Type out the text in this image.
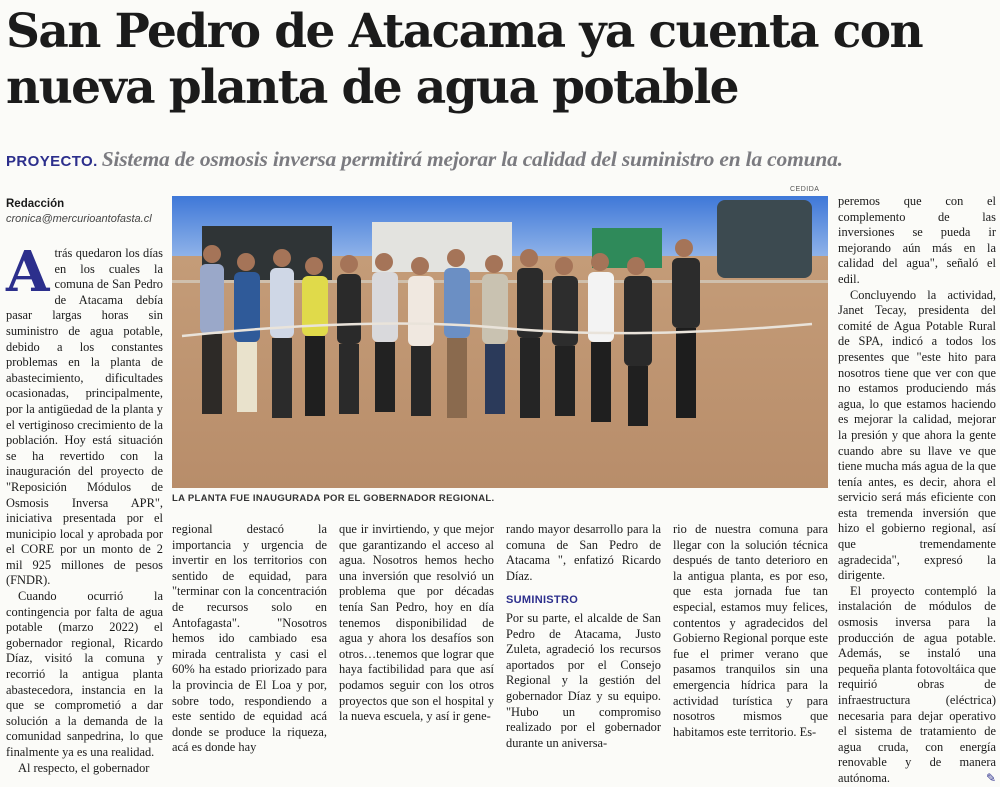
San Pedro de Atacama ya cuenta con nueva planta de agua potable
PROYECTO. Sistema de osmosis inversa permitirá mejorar la calidad del suministro en la comuna.
Redacción
cronica@mercurioantofasta.cl
CEDIDA
LA PLANTA FUE INAUGURADA POR EL GOBERNADOR REGIONAL.

Atrás quedaron los días en los cuales la comuna de San Pedro de Atacama debía pasar largas horas sin suministro de agua potable, debido a los constantes problemas en la planta de abastecimiento, dificultades ocasionadas, principalmente, por la antigüedad de la planta y el vertiginoso crecimiento de la población. Hoy está situación se ha revertido con la inauguración del proyecto de "Reposición Módulos de Osmosis Inversa APR", iniciativa presentada por el municipio local y aprobada por el CORE por un monto de 2 mil 925 millones de pesos (FNDR).

Cuando ocurrió la contingencia por falta de agua potable (marzo 2022) el gobernador regional, Ricardo Díaz, visitó la comuna y recorrió la antigua planta abastecedora, instancia en la que se comprometió a dar solución a la demanda de la comunidad sanpedrina, lo que finalmente ya es una realidad.

Al respecto, el gobernador

regional destacó la importancia y urgencia de invertir en los territorios con sentido de equidad, para "terminar con la concentración de recursos solo en Antofagasta". "Nosotros hemos ido cambiado esa mirada centralista y casi el 60% ha estado priorizado para la provincia de El Loa y por, sobre todo, respondiendo a este sentido de equidad acá donde se produce la riqueza, acá es donde hay

que ir invirtiendo, y que mejor que garantizando el acceso al agua. Nosotros hemos hecho una inversión que resolvió un problema que por décadas tenía San Pedro, hoy en día tenemos disponibilidad de agua y ahora los desafíos son otros…tenemos que lograr que haya factibilidad para que así podamos seguir con los otros proyectos que son el hospital y la nueva escuela, y así ir gene-

rando mayor desarrollo para la comuna de San Pedro de Atacama ", enfatizó Ricardo Díaz.

SUMINISTRO

Por su parte, el alcalde de San Pedro de Atacama, Justo Zuleta, agradeció los recursos aportados por el Consejo Regional y la gestión del gobernador Díaz y su equipo. "Hubo un compromiso realizado por el gobernador durante un aniversa-

rio de nuestra comuna para llegar con la solución técnica después de tanto deterioro en la antigua planta, es por eso, que esta jornada fue tan especial, estamos muy felices, contentos y agradecidos del Gobierno Regional porque este fue el primer verano que pasamos tranquilos sin una emergencia hídrica para la actividad turística y para nosotros mismos que habitamos este territorio. Es-

peremos que con el complemento de las inversiones se pueda ir mejorando aún más en la calidad del agua", señaló el edil.

Concluyendo la actividad, Janet Tecay, presidenta del comité de Agua Potable Rural de SPA, indicó a todos los presentes que "este hito para nosotros tiene que ver con que no estamos produciendo más agua, lo que estamos haciendo es mejorar la calidad, mejorar la presión y que ahora la gente cuando abre su llave ve que tiene mucha más agua de la que tenía antes, es decir, ahora el servicio será más eficiente con esta tremenda inversión que hizo el gobierno regional, así que tremendamente agradecida", expresó la dirigente.

El proyecto contempló la instalación de módulos de osmosis inversa para la producción de agua potable. Además, se instaló una pequeña planta fotovoltáica que requirió obras de infraestructura (eléctrica) necesaria para dejar operativo el sistema de tratamiento de agua cruda, con energía renovable y de manera autónoma.	✎
